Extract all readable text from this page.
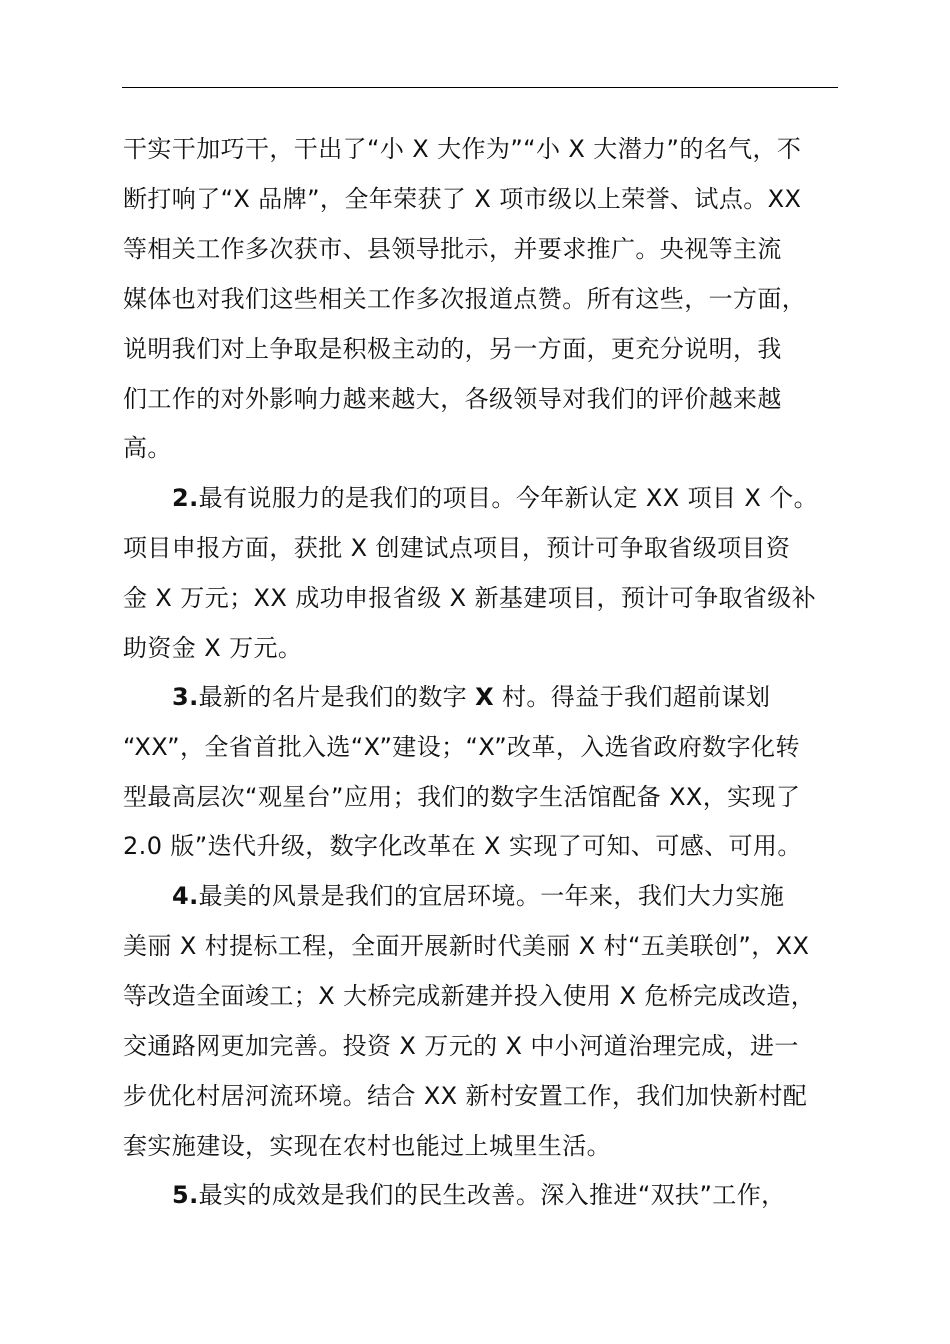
干实干加巧干，干出了“小 X 大作为”“小 X 大潜力”的名气，不
断打响了“X 品牌”，全年荣获了 X 项市级以上荣誉、试点。XX
等相关工作多次获市、县领导批示，并要求推广。央视等主流
媒体也对我们这些相关工作多次报道点赞。所有这些，一方面，
说明我们对上争取是积极主动的，另一方面，更充分说明，我
们工作的对外影响力越来越大，各级领导对我们的评价越来越
高。
2.最有说服力的是我们的项目。今年新认定 XX 项目 X 个。
项目申报方面，获批 X 创建试点项目，预计可争取省级项目资
金 X 万元；XX 成功申报省级 X 新基建项目，预计可争取省级补
助资金 X 万元。
3.最新的名片是我们的数字 X 村。得益于我们超前谋划
“XX”，全省首批入选“X”建设；“X”改革，入选省政府数字化转
型最高层次“观星台”应用；我们的数字生活馆配备 XX，实现了
2.0 版”迭代升级，数字化改革在 X 实现了可知、可感、可用。
4.最美的风景是我们的宜居环境。一年来，我们大力实施
美丽 X 村提标工程，全面开展新时代美丽 X 村“五美联创”，XX
等改造全面竣工；X 大桥完成新建并投入使用 X 危桥完成改造，
交通路网更加完善。投资 X 万元的 X 中小河道治理完成，进一
步优化村居河流环境。结合 XX 新村安置工作，我们加快新村配
套实施建设，实现在农村也能过上城里生活。
5.最实的成效是我们的民生改善。深入推进“双扶”工作，
